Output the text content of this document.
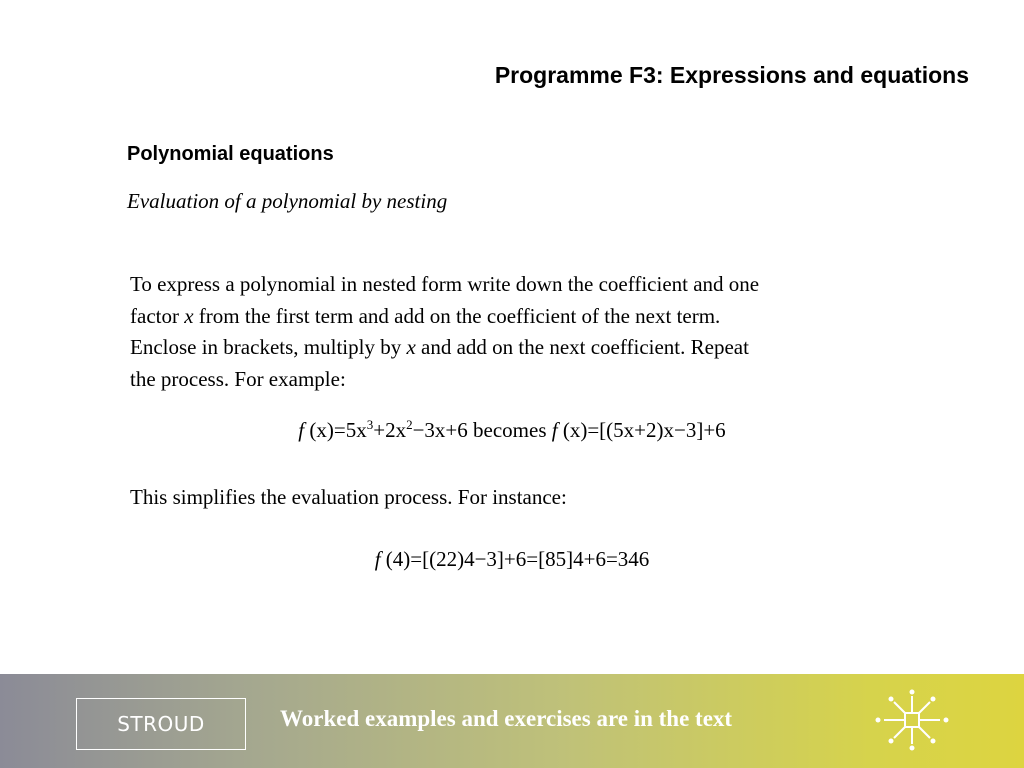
Programme F3: Expressions and equations
Polynomial equations
Evaluation of a polynomial by nesting

To express a polynomial in nested form write down the coefficient and one
factor x from the first term and add on the coefficient of the next term.
Enclose in brackets, multiply by x and add on the next coefficient. Repeat
the process. For example:

f $(x)=5x^3+2x^2-3x+6$ becomes f (x)=[(5x+2)x−3]+6
This simplifies the evaluation process. For instance:
f (4)=[(22)4−3]+6=[85]4+6=346
STROUD	Worked examples and exercises are in the text
